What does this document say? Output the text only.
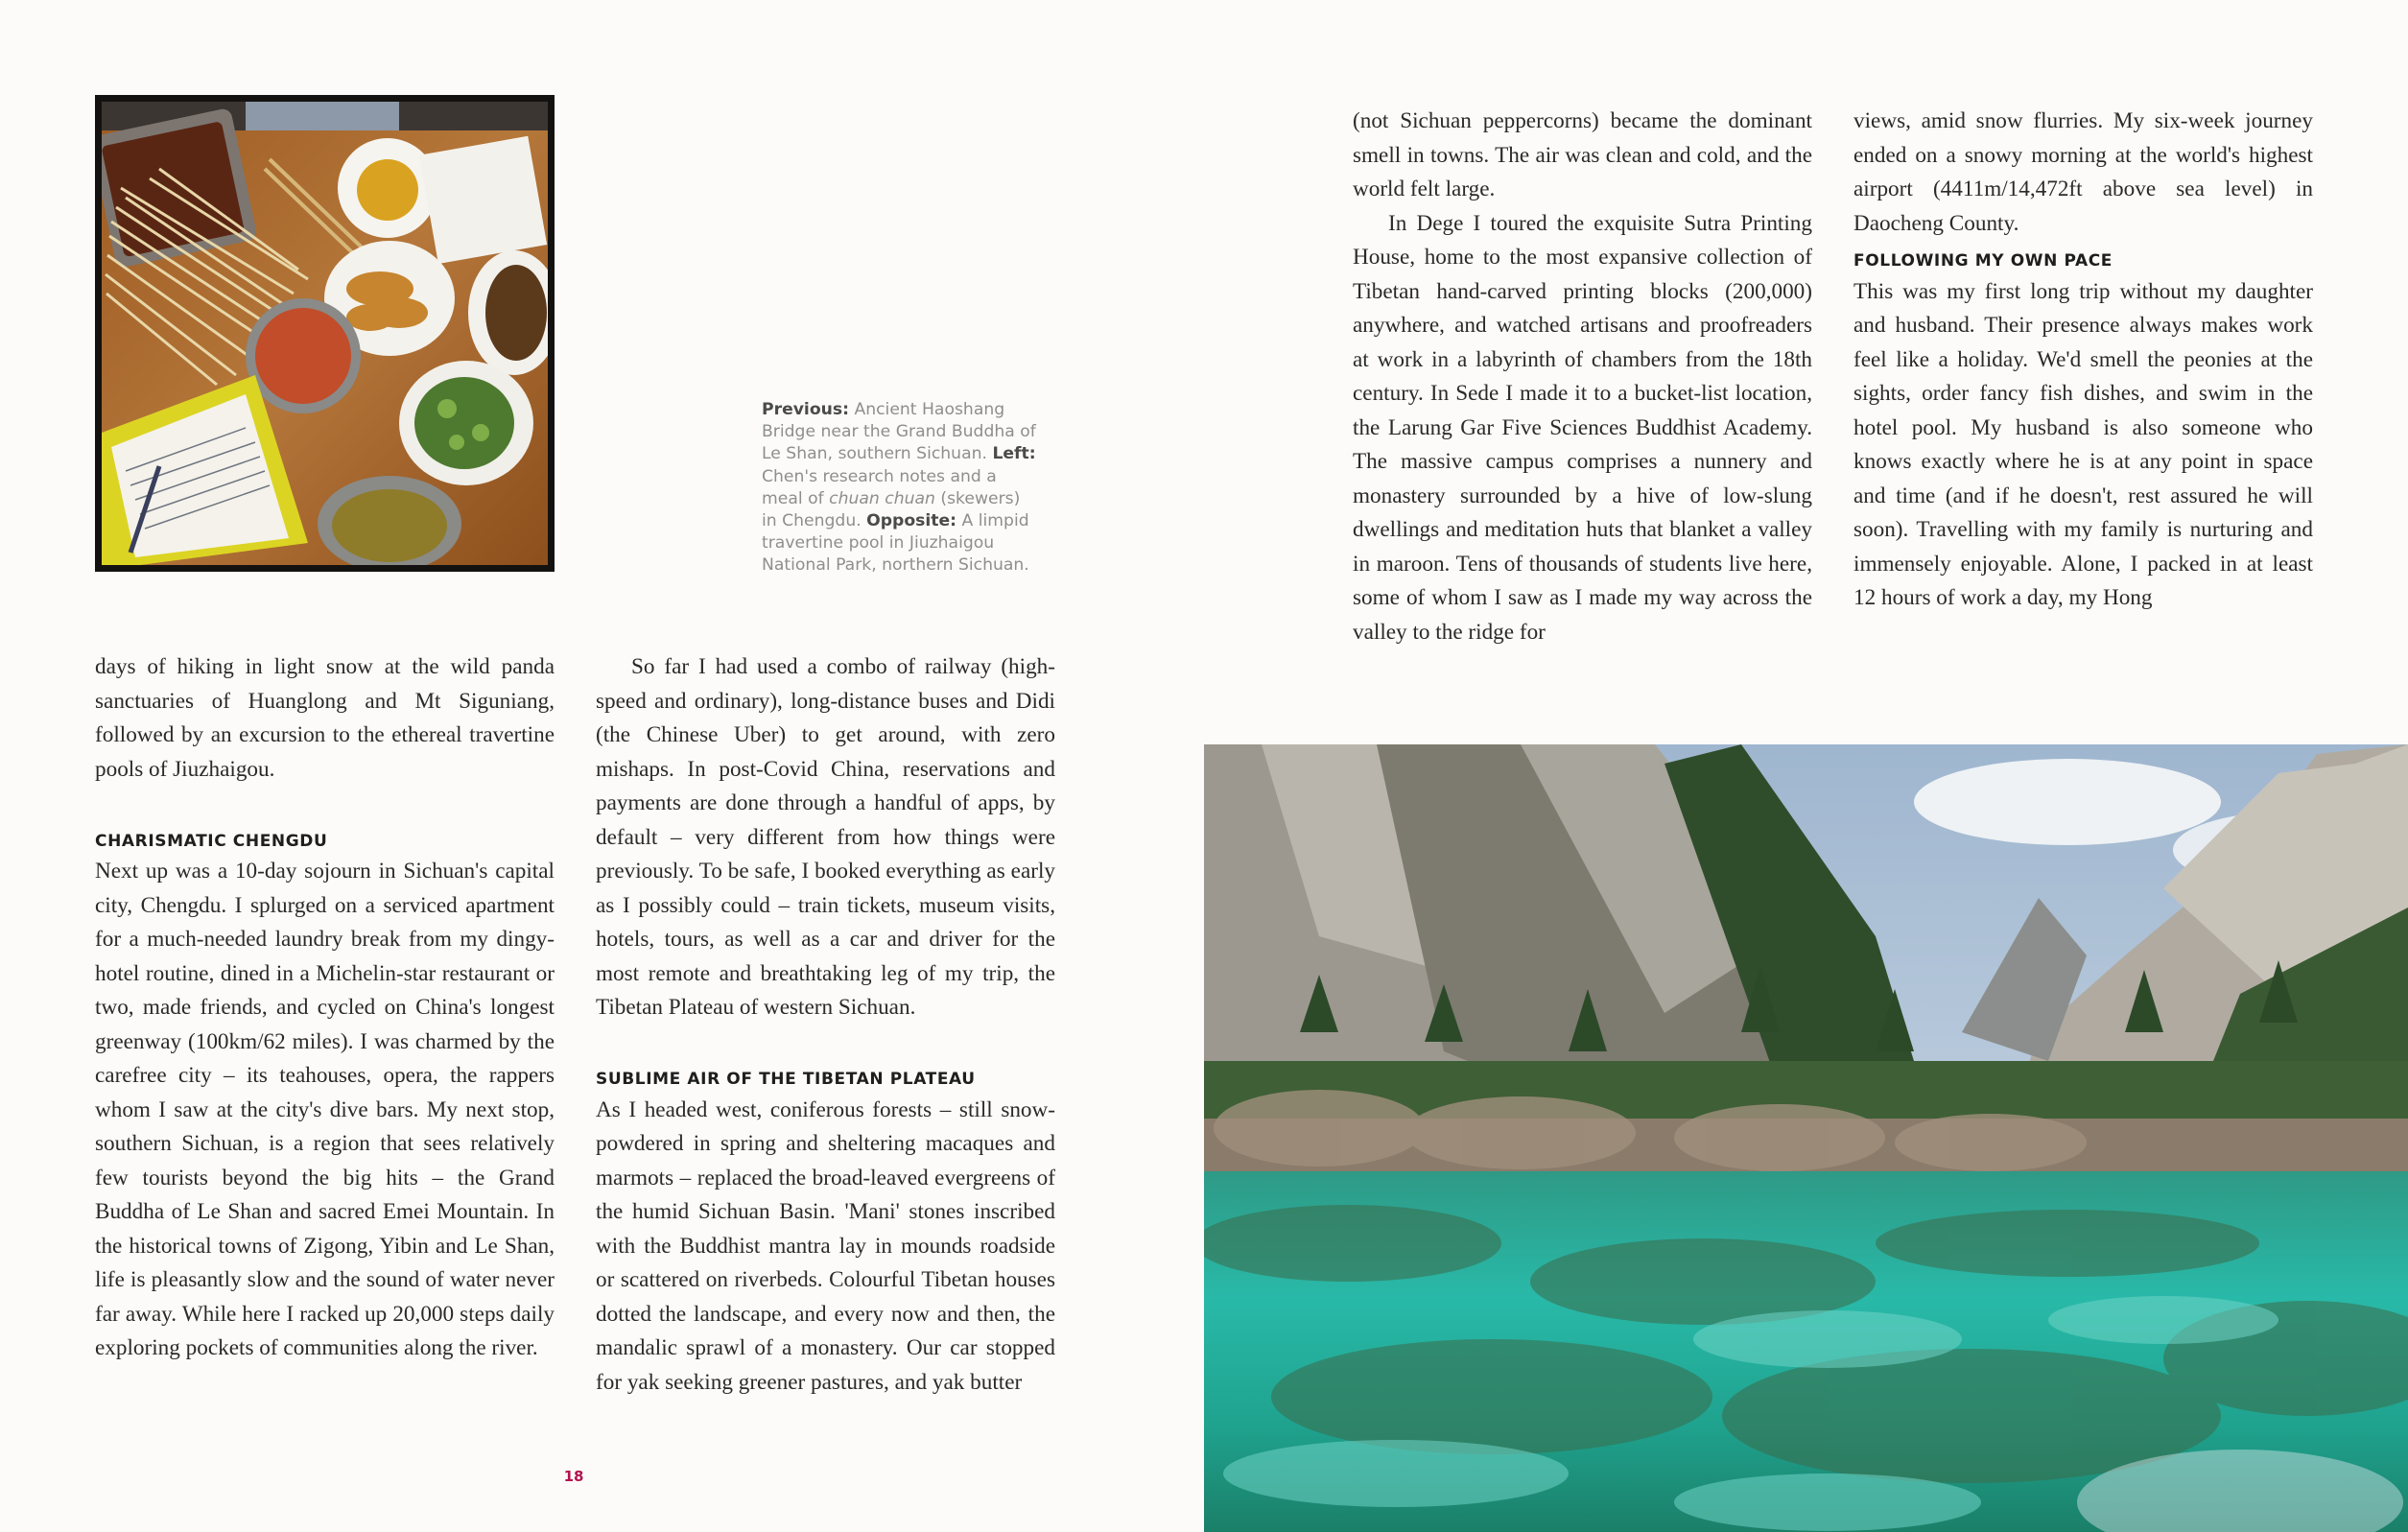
Previous: Ancient Haoshang Bridge near the Grand Buddha of Le Shan, southern Sichuan. Left: Chen's research notes and a meal of chuan chuan (skewers) in Chengdu. Opposite: A limpid travertine pool in Jiuzhaigou National Park, northern Sichuan.

days of hiking in light snow at the wild panda sanctuaries of Huanglong and Mt Siguniang, followed by an excursion to the ethereal travertine pools of Jiuzhaigou.

CHARISMATIC CHENGDU

Next up was a 10-day sojourn in Sichuan's capital city, Chengdu. I splurged on a serviced apartment for a much-needed laundry break from my dingy-hotel routine, dined in a Michelin-star restaurant or two, made friends, and cycled on China's longest greenway (100km/62 miles). I was charmed by the carefree city – its teahouses, opera, the rappers whom I saw at the city's dive bars. My next stop, southern Sichuan, is a region that sees relatively few tourists beyond the big hits – the Grand Buddha of Le Shan and sacred Emei Mountain. In the historical towns of Zigong, Yibin and Le Shan, life is pleasantly slow and the sound of water never far away. While here I racked up 20,000 steps daily exploring pockets of communities along the river.

So far I had used a combo of railway (high-speed and ordinary), long-distance buses and Didi (the Chinese Uber) to get around, with zero mishaps. In post-Covid China, reservations and payments are done through a handful of apps, by default – very different from how things were previously. To be safe, I booked everything as early as I possibly could – train tickets, museum visits, hotels, tours, as well as a car and driver for the most remote and breathtaking leg of my trip, the Tibetan Plateau of western Sichuan.

SUBLIME AIR OF THE TIBETAN PLATEAU

As I headed west, coniferous forests – still snow-powdered in spring and sheltering macaques and marmots – replaced the broad-leaved evergreens of the humid Sichuan Basin. 'Mani' stones inscribed with the Buddhist mantra lay in mounds roadside or scattered on riverbeds. Colourful Tibetan houses dotted the landscape, and every now and then, the mandalic sprawl of a monastery. Our car stopped for yak seeking greener pastures, and yak butter

(not Sichuan peppercorns) became the dominant smell in towns. The air was clean and cold, and the world felt large.

In Dege I toured the exquisite Sutra Printing House, home to the most expansive collection of Tibetan hand-carved printing blocks (200,000) anywhere, and watched artisans and proofreaders at work in a labyrinth of chambers from the 18th century. In Sede I made it to a bucket-list location, the Larung Gar Five Sciences Buddhist Academy. The massive campus comprises a nunnery and monastery surrounded by a hive of low-slung dwellings and meditation huts that blanket a valley in maroon. Tens of thousands of students live here, some of whom I saw as I made my way across the valley to the ridge for

views, amid snow flurries. My six-week journey ended on a snowy morning at the world's highest airport (4411m/14,472ft above sea level) in Daocheng County.

FOLLOWING MY OWN PACE

This was my first long trip without my daughter and husband. Their presence always makes work feel like a holiday. We'd smell the peonies at the sights, order fancy fish dishes, and swim in the hotel pool. My husband is also someone who knows exactly where he is at any point in space and time (and if he doesn't, rest assured he will soon). Travelling with my family is nurturing and immensely enjoyable. Alone, I packed in at least 12 hours of work a day, my Hong

18
